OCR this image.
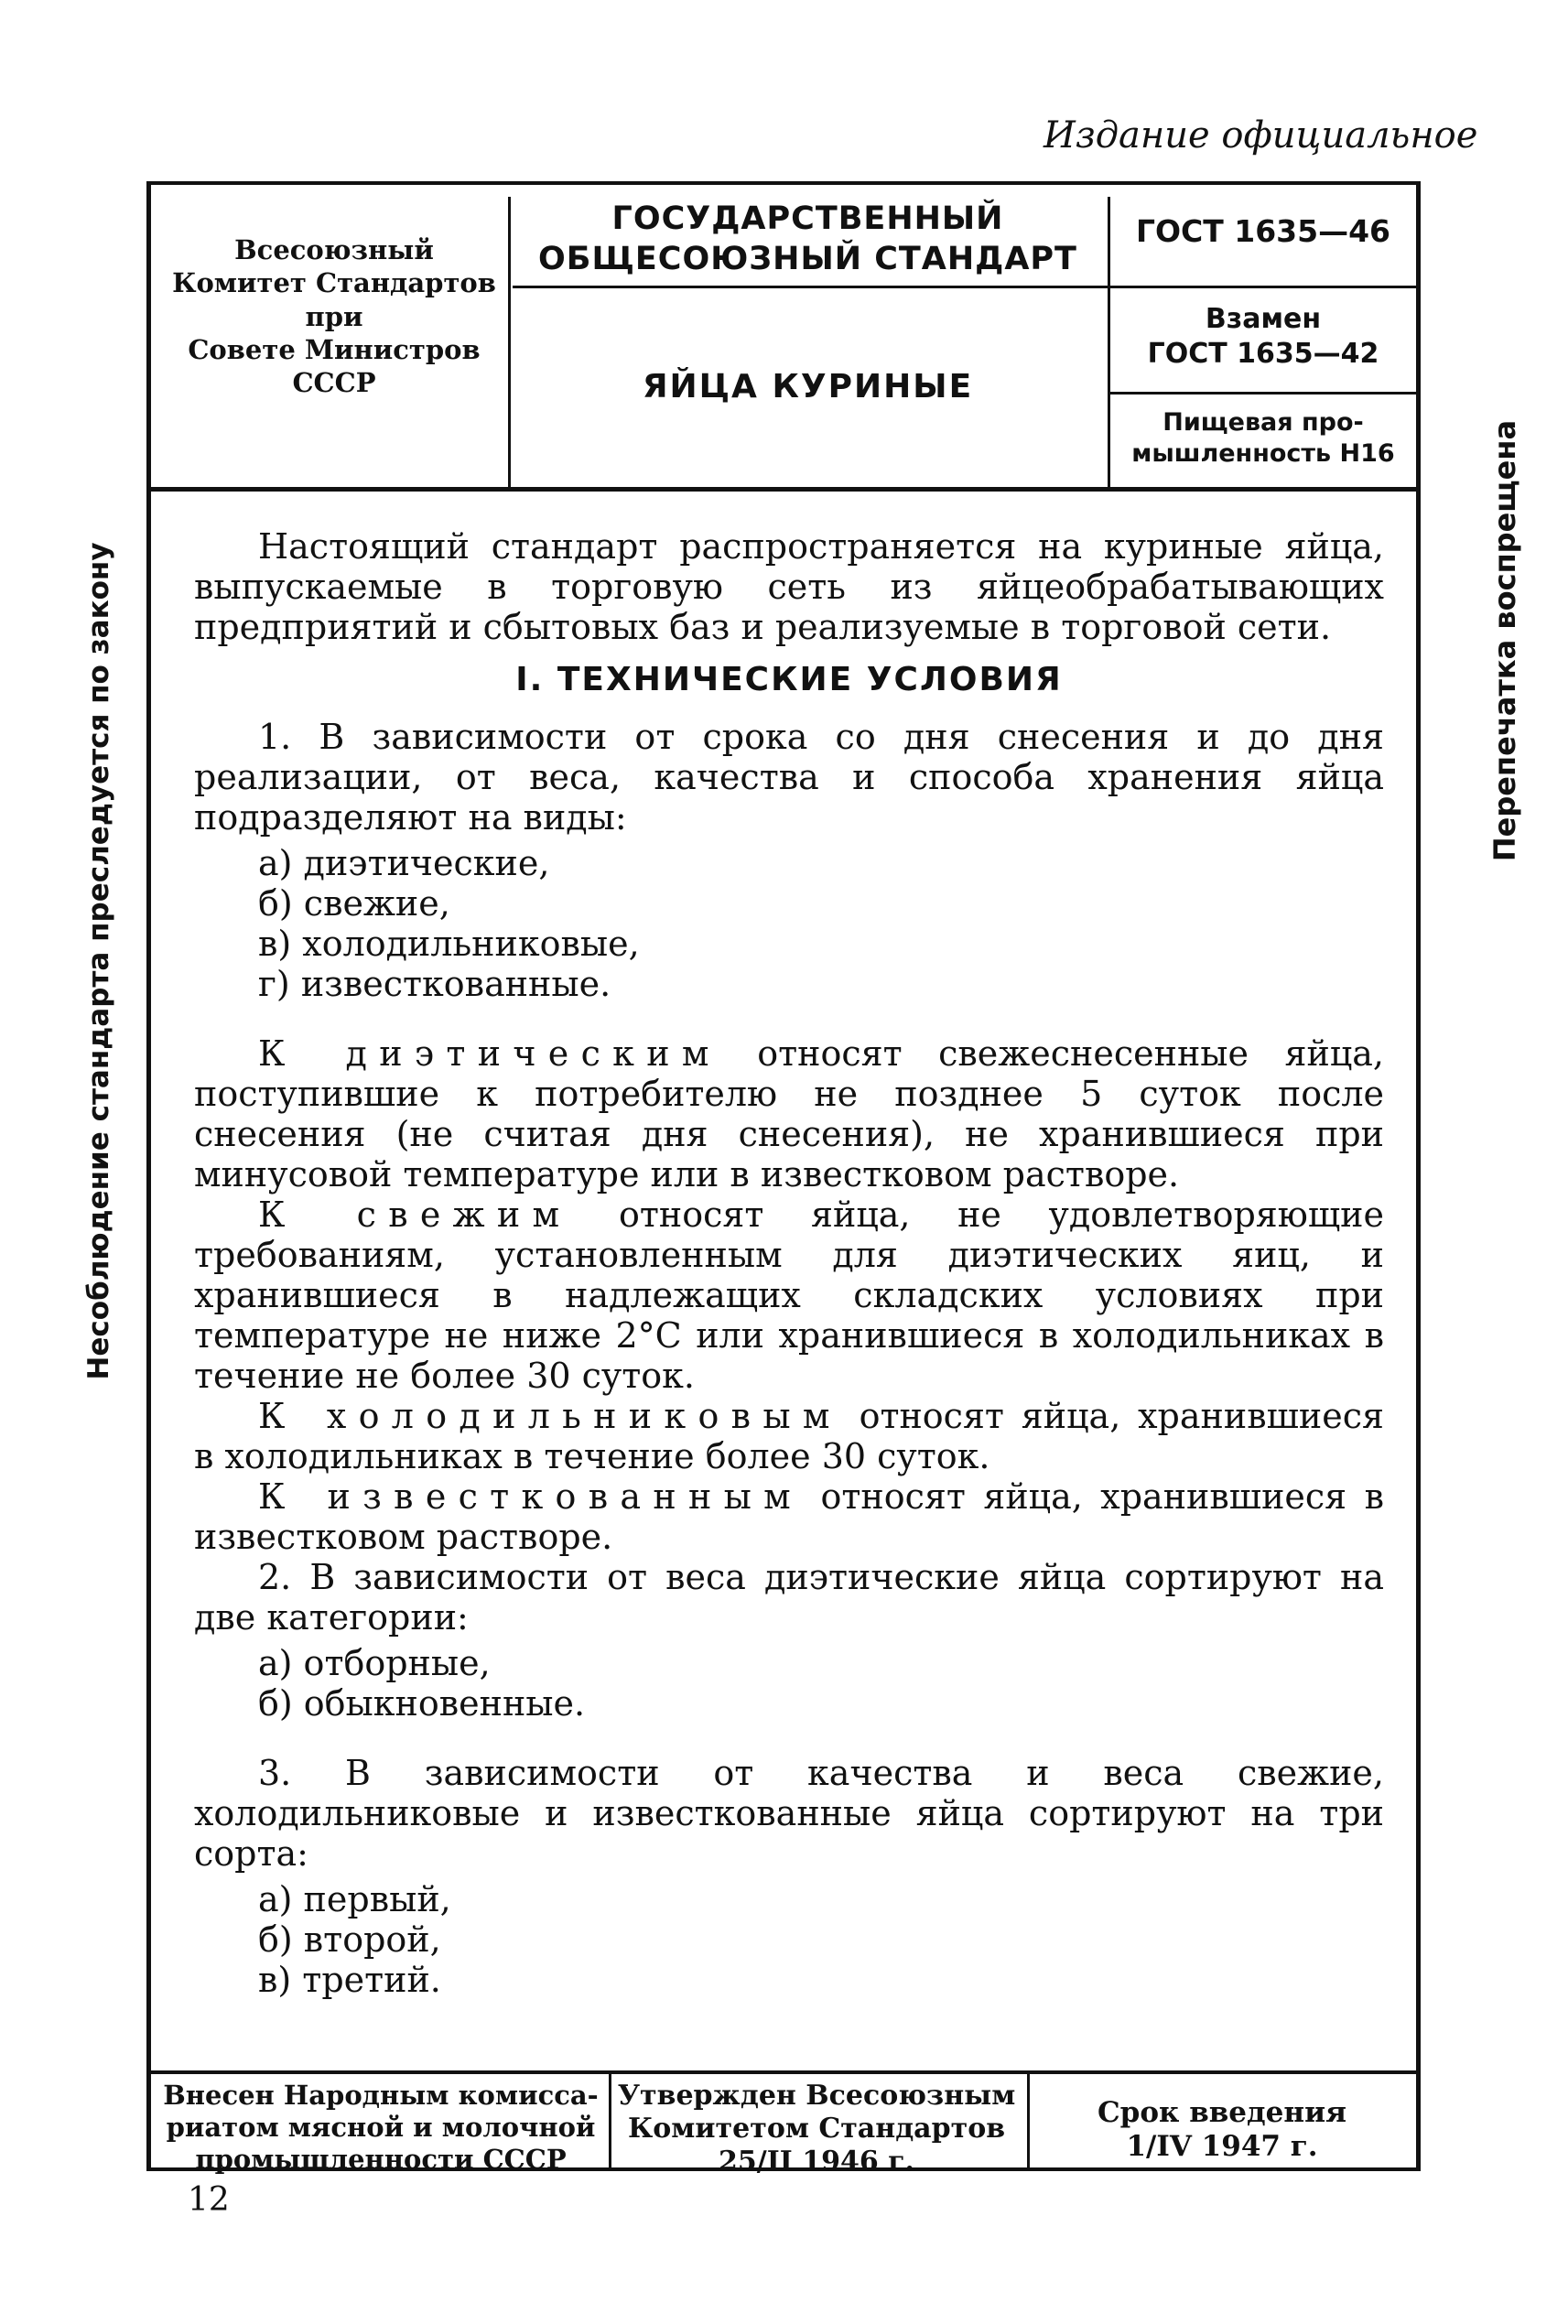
Издание официальное
Всесоюзный
Комитет Стандартов
при
Совете Министров
СССР
ГОСУДАРСТВЕННЫЙ
ОБЩЕСОЮЗНЫЙ СТАНДАРТ
ЯЙЦА КУРИНЫЕ
ГОСТ 1635—46
Взамен
ГОСТ 1635—42
Пищевая про-
мышленность Н16

Настоящий стандарт распространяется на куриные яйца, выпускаемые в торговую сеть из яйцеобрабатывающих предприятий и сбытовых баз и реализуемые в торговой сети.

I. ТЕХНИЧЕСКИЕ УСЛОВИЯ

1. В зависимости от срока со дня снесения и до дня реализации, от веса, качества и способа хранения яйца подразделяют на виды:

а) диэтические,
б) свежие,
в) холодильниковые,
г) известкованные.

К диэтическим относят свежеснесенные яйца, поступившие к потребителю не позднее 5 суток после снесения (не считая дня снесения), не хранившиеся при минусовой температуре или в известковом растворе.

К свежим относят яйца, не удовлетворяющие требованиям, установленным для диэтических яиц, и хранившиеся в надлежащих складских условиях при температуре не ниже 2°С или хранившиеся в холодильниках в течение не более 30 суток.

К холодильниковым относят яйца, хранившиеся в холодильниках в течение более 30 суток.

К известкованным относят яйца, хранившиеся в известковом растворе.

2. В зависимости от веса диэтические яйца сортируют на две категории:

а) отборные,
б) обыкновенные.

3. В зависимости от качества и веса свежие, холодильниковые и известкованные яйца сортируют на три сорта:

а) первый,
б) второй,
в) третий.
Несоблюдение стандарта преследуется по закону	Перепечатка воспрещена
Внесен Народным комисса-
риатом мясной и молочной
промышленности СССР
Утвержден Всесоюзным
Комитетом Стандартов
25/II 1946 г.
Срок введения
1/IV 1947 г.
12
